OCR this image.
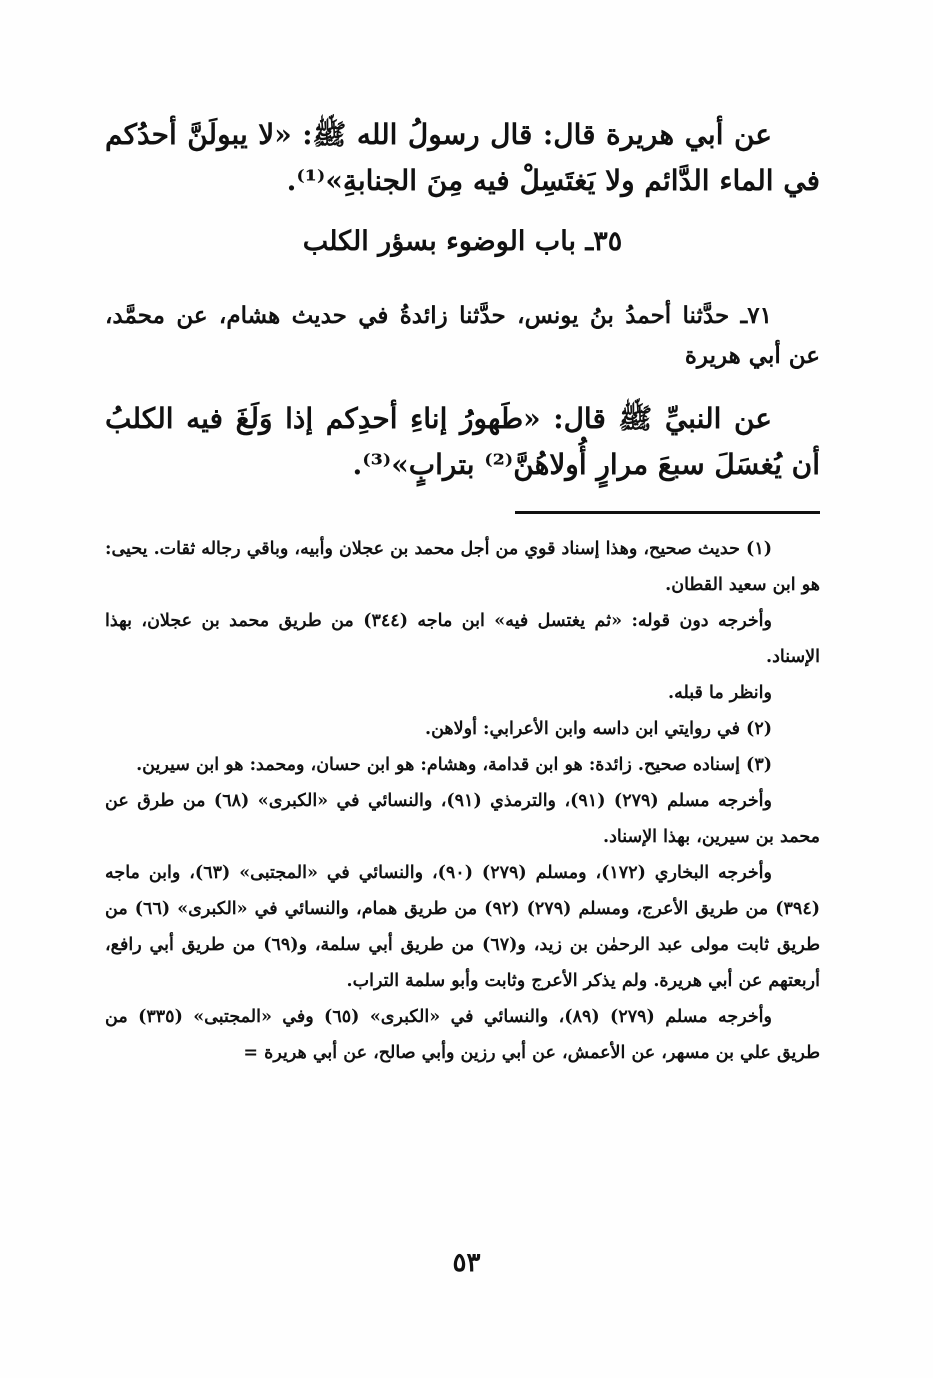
عن أبي هريرة قال: قال رسولُ الله ﷺ: «لا يبولَنَّ أحدُكم في الماء الدَّائم ولا يَغتَسِلْ فيه مِنَ الجنابةِ»⁽¹⁾.
٣٥ـ باب الوضوء بسؤر الكلب
٧١ـ حدَّثنا أحمدُ بنُ يونس، حدَّثنا زائدةُ في حديث هشام، عن محمَّد، عن أبي هريرة
عن النبيِّ ﷺ قال: «طَهورُ إناءِ أحدِكم إذا وَلَغَ فيه الكلبُ أن يُغسَلَ سبعَ مرارٍ أُولاهُنَّ⁽²⁾ بترابٍ»⁽³⁾.
(١) حديث صحيح، وهذا إسناد قوي من أجل محمد بن عجلان وأبيه، وباقي رجاله ثقات. يحيى: هو ابن سعيد القطان.
وأخرجه دون قوله: «ثم يغتسل فيه» ابن ماجه (٣٤٤) من طريق محمد بن عجلان، بهذا الإسناد.
وانظر ما قبله.
(٢) في روايتي ابن داسه وابن الأعرابي: أولاهن.
(٣) إسناده صحيح. زائدة: هو ابن قدامة، وهشام: هو ابن حسان، ومحمد: هو ابن سيرين.
وأخرجه مسلم (٢٧٩) (٩١)، والترمذي (٩١)، والنسائي في «الكبرى» (٦٨) من طرق عن محمد بن سيرين، بهذا الإسناد.
وأخرجه البخاري (١٧٢)، ومسلم (٢٧٩) (٩٠)، والنسائي في «المجتبى» (٦٣)، وابن ماجه (٣٩٤) من طريق الأعرج، ومسلم (٢٧٩) (٩٢) من طريق همام، والنسائي في «الكبرى» (٦٦) من طريق ثابت مولى عبد الرحمٰن بن زيد، و(٦٧) من طريق أبي سلمة، و(٦٩) من طريق أبي رافع، أربعتهم عن أبي هريرة. ولم يذكر الأعرج وثابت وأبو سلمة التراب.
وأخرجه مسلم (٢٧٩) (٨٩)، والنسائي في «الكبرى» (٦٥) وفي «المجتبى» (٣٣٥) من طريق علي بن مسهر، عن الأعمش، عن أبي رزين وأبي صالح، عن أبي هريرة =
٥٣
